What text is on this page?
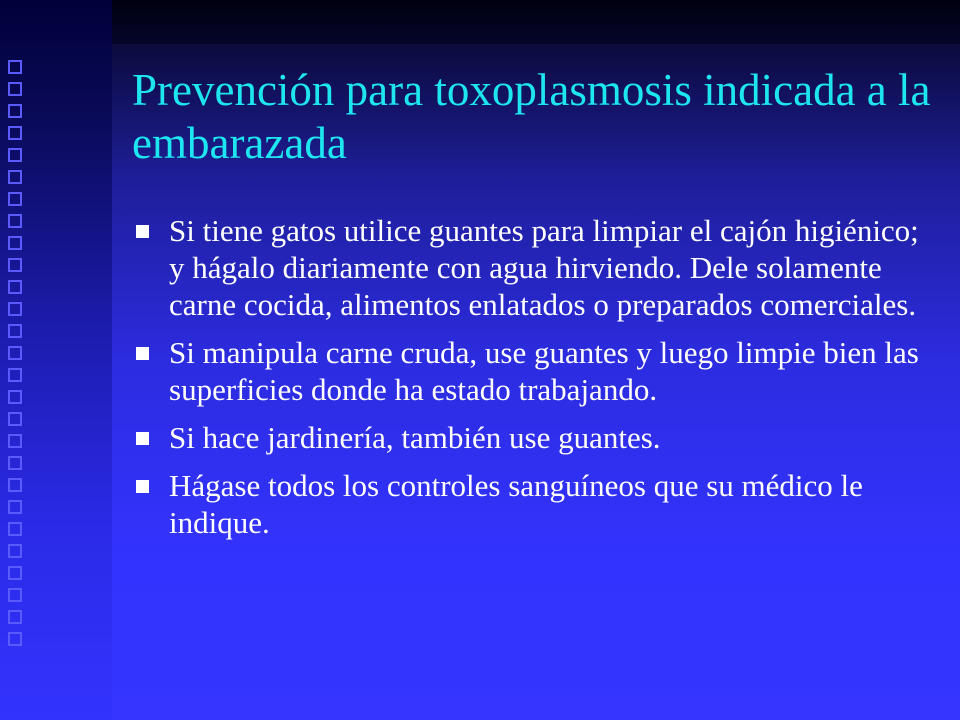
Prevención para toxoplasmosis indicada a la embarazada
Si tiene gatos utilice guantes para limpiar el cajón higiénico; y hágalo diariamente con agua hirviendo. Dele solamente carne cocida, alimentos enlatados o preparados comerciales.
Si manipula carne cruda, use guantes y luego limpie bien las superficies donde ha estado trabajando.
Si hace jardinería, también use guantes.
Hágase todos los controles sanguíneos que su médico le indique.
